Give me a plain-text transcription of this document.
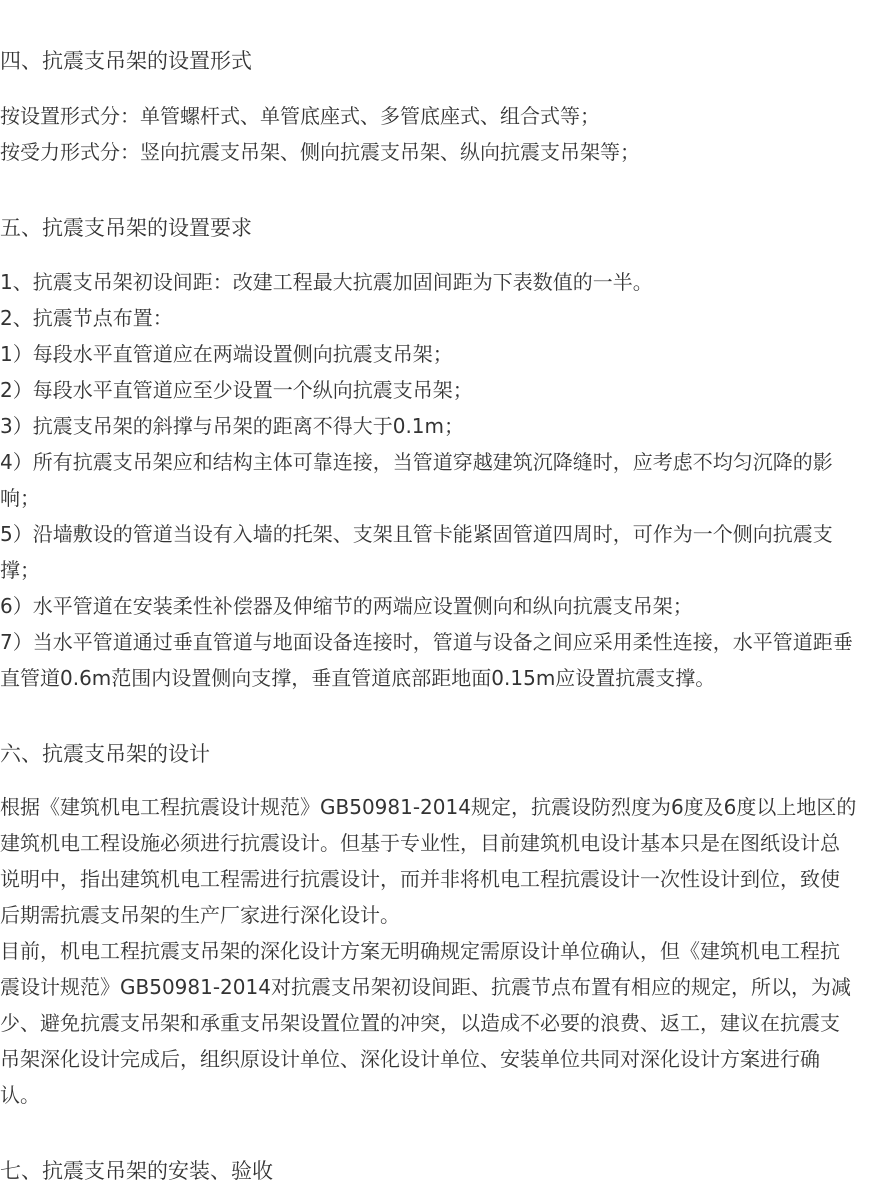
四、抗震支吊架的设置形式
按设置形式分：单管螺杆式、单管底座式、多管底座式、组合式等；
按受力形式分：竖向抗震支吊架、侧向抗震支吊架、纵向抗震支吊架等；
五、抗震支吊架的设置要求
1、抗震支吊架初设间距：改建工程最大抗震加固间距为下表数值的一半。
2、抗震节点布置：
1）每段水平直管道应在两端设置侧向抗震支吊架；
2）每段水平直管道应至少设置一个纵向抗震支吊架；
3）抗震支吊架的斜撑与吊架的距离不得大于0.1m；
4）所有抗震支吊架应和结构主体可靠连接，当管道穿越建筑沉降缝时，应考虑不均匀沉降的影
响；
5）沿墙敷设的管道当设有入墙的托架、支架且管卡能紧固管道四周时，可作为一个侧向抗震支
撑；
6）水平管道在安装柔性补偿器及伸缩节的两端应设置侧向和纵向抗震支吊架；
7）当水平管道通过垂直管道与地面设备连接时，管道与设备之间应采用柔性连接，水平管道距垂
直管道0.6m范围内设置侧向支撑，垂直管道底部距地面0.15m应设置抗震支撑。
六、抗震支吊架的设计
根据《建筑机电工程抗震设计规范》GB50981-2014规定，抗震设防烈度为6度及6度以上地区的
建筑机电工程设施必须进行抗震设计。但基于专业性，目前建筑机电设计基本只是在图纸设计总
说明中，指出建筑机电工程需进行抗震设计，而并非将机电工程抗震设计一次性设计到位，致使
后期需抗震支吊架的生产厂家进行深化设计。
目前，机电工程抗震支吊架的深化设计方案无明确规定需原设计单位确认，但《建筑机电工程抗
震设计规范》GB50981-2014对抗震支吊架初设间距、抗震节点布置有相应的规定，所以，为减
少、避免抗震支吊架和承重支吊架设置位置的冲突，以造成不必要的浪费、返工，建议在抗震支
吊架深化设计完成后，组织原设计单位、深化设计单位、安装单位共同对深化设计方案进行确
认。
七、抗震支吊架的安装、验收
